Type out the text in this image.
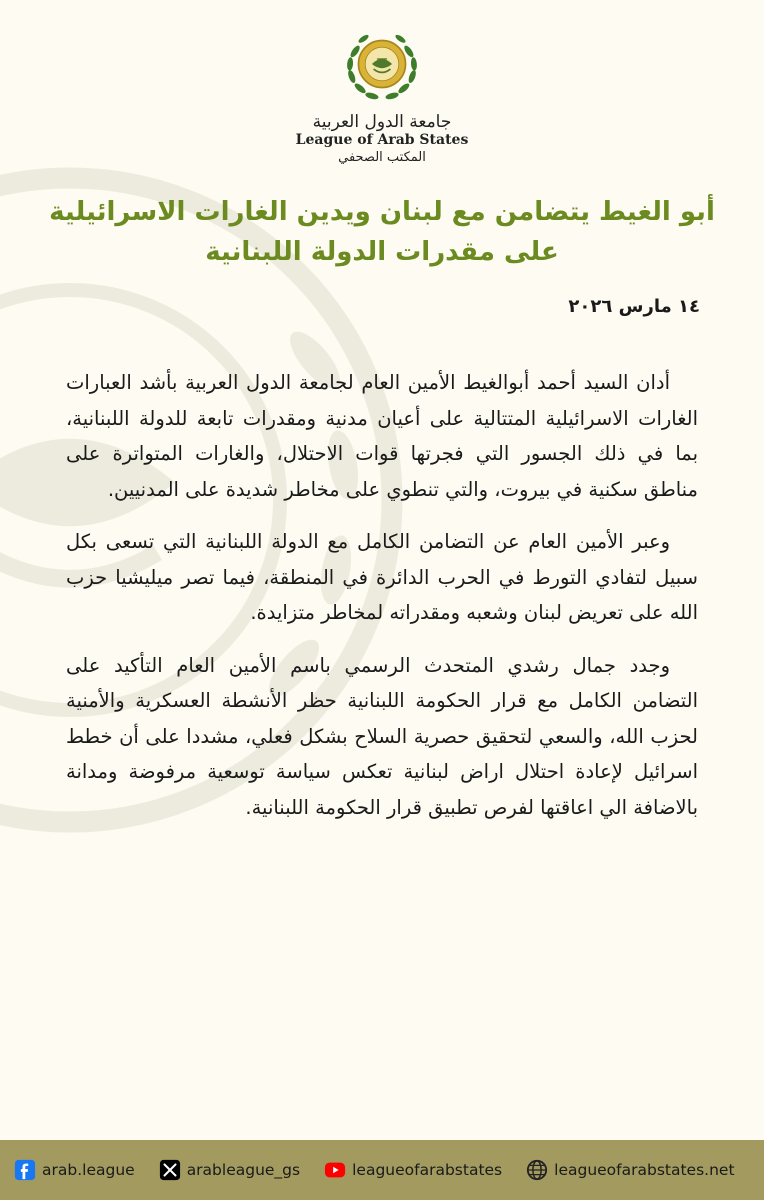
جامعة الدول العربية
League of Arab States
المكتب الصحفي
أبو الغيط يتضامن مع لبنان ويدين الغارات الاسرائيلية
على مقدرات الدولة اللبنانية
١٤ مارس ٢٠٢٦

أدان السيد أحمد أبوالغيط الأمين العام لجامعة الدول العربية بأشد العبارات الغارات الاسرائيلية المتتالية على أعيان مدنية ومقدرات تابعة للدولة اللبنانية، بما في ذلك الجسور التي فجرتها قوات الاحتلال، والغارات المتواترة على مناطق سكنية في بيروت، والتي تنطوي على مخاطر شديدة على المدنيين.

وعبر الأمين العام عن التضامن الكامل مع الدولة اللبنانية التي تسعى بكل سبيل لتفادي التورط في الحرب الدائرة في المنطقة، فيما تصر ميليشيا حزب الله على تعريض لبنان وشعبه ومقدراته لمخاطر متزايدة.

وجدد جمال رشدي المتحدث الرسمي باسم الأمين العام التأكيد على التضامن الكامل مع قرار الحكومة اللبنانية حظر الأنشطة العسكرية والأمنية لحزب الله، والسعي لتحقيق حصرية السلاح بشكل فعلي، مشددا على أن خطط اسرائيل لإعادة احتلال اراض لبنانية تعكس سياسة توسعية مرفوضة ومدانة بالاضافة الي اعاقتها لفرص تطبيق قرار الحكومة اللبنانية.

arab.league	arableague_gs	leagueofarabstates	leagueofarabstates.net
